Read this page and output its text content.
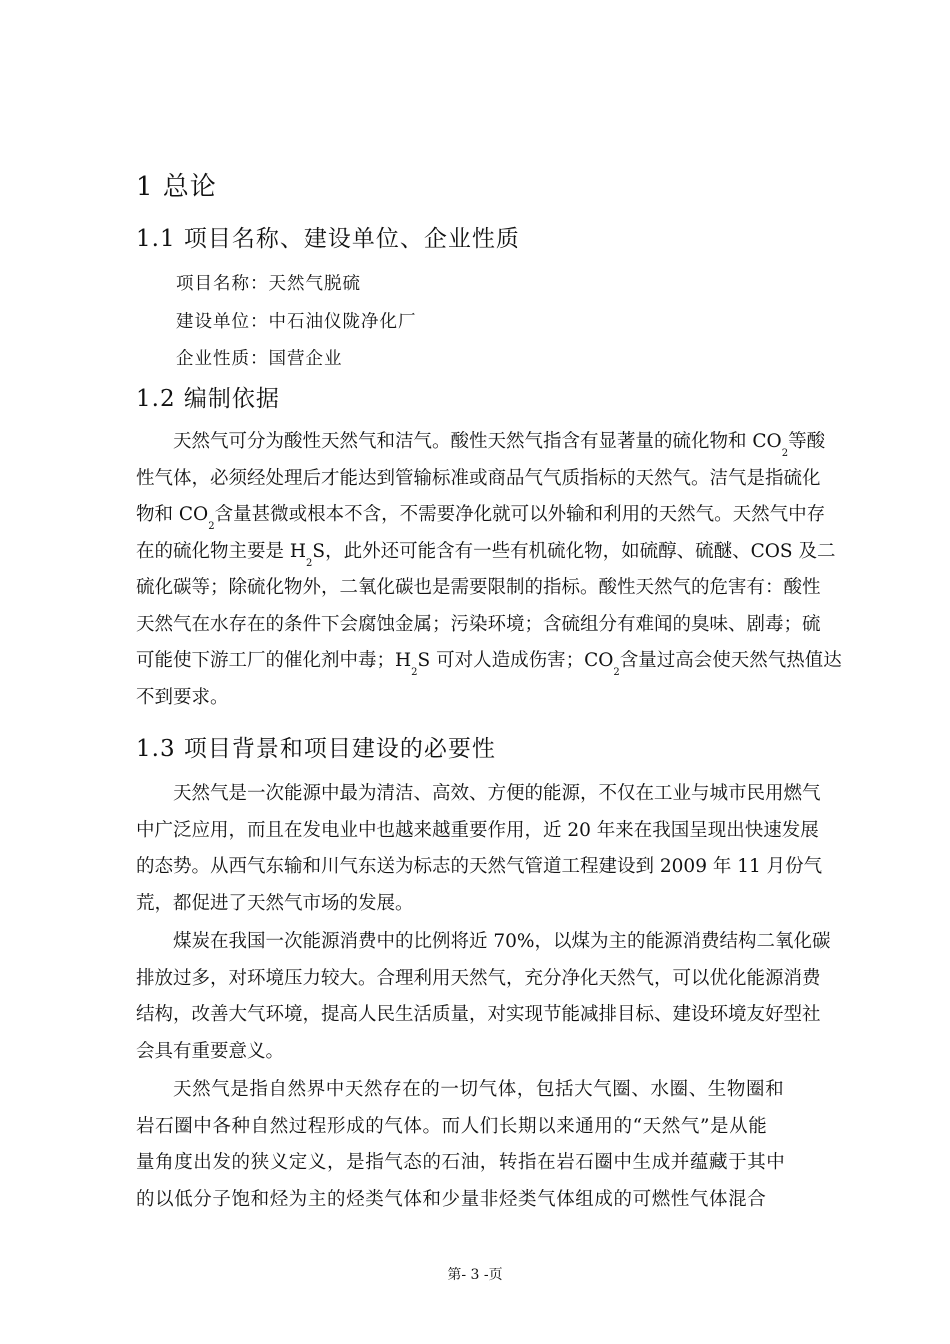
1 总论
1.1 项目名称、建设单位、企业性质
项目名称：天然气脱硫
建设单位：中石油仪陇净化厂
企业性质：国营企业
1.2 编制依据
天然气可分为酸性天然气和洁气。酸性天然气指含有显著量的硫化物和 $CO_2$等酸
性气体，必须经处理后才能达到管输标准或商品气气质指标的天然气。洁气是指硫化
物和 $CO_2$含量甚微或根本不含，不需要净化就可以外输和利用的天然气。天然气中存
在的硫化物主要是 $H_2S$，此外还可能含有一些有机硫化物，如硫醇、硫醚、COS 及二
硫化碳等；除硫化物外，二氧化碳也是需要限制的指标。酸性天然气的危害有：酸性
天然气在水存在的条件下会腐蚀金属；污染环境；含硫组分有难闻的臭味、剧毒；硫
可能使下游工厂的催化剂中毒；$H_2S$ 可对人造成伤害；$CO_2$含量过高会使天然气热值达
不到要求。
1.3 项目背景和项目建设的必要性
天然气是一次能源中最为清洁、高效、方便的能源，不仅在工业与城市民用燃气
中广泛应用，而且在发电业中也越来越重要作用，近 20 年来在我国呈现出快速发展
的态势。从西气东输和川气东送为标志的天然气管道工程建设到 2009 年 11 月份气
荒，都促进了天然气市场的发展。
煤炭在我国一次能源消费中的比例将近 70%，以煤为主的能源消费结构二氧化碳
排放过多，对环境压力较大。合理利用天然气，充分净化天然气，可以优化能源消费
结构，改善大气环境，提高人民生活质量，对实现节能减排目标、建设环境友好型社
会具有重要意义。
天然气是指自然界中天然存在的一切气体，包括大气圈、水圈、生物圈和
岩石圈中各种自然过程形成的气体。而人们长期以来通用的“天然气”是从能
量角度出发的狭义定义，是指气态的石油，转指在岩石圈中生成并蕴藏于其中
的以低分子饱和烃为主的烃类气体和少量非烃类气体组成的可燃性气体混合
第- 3 -页
